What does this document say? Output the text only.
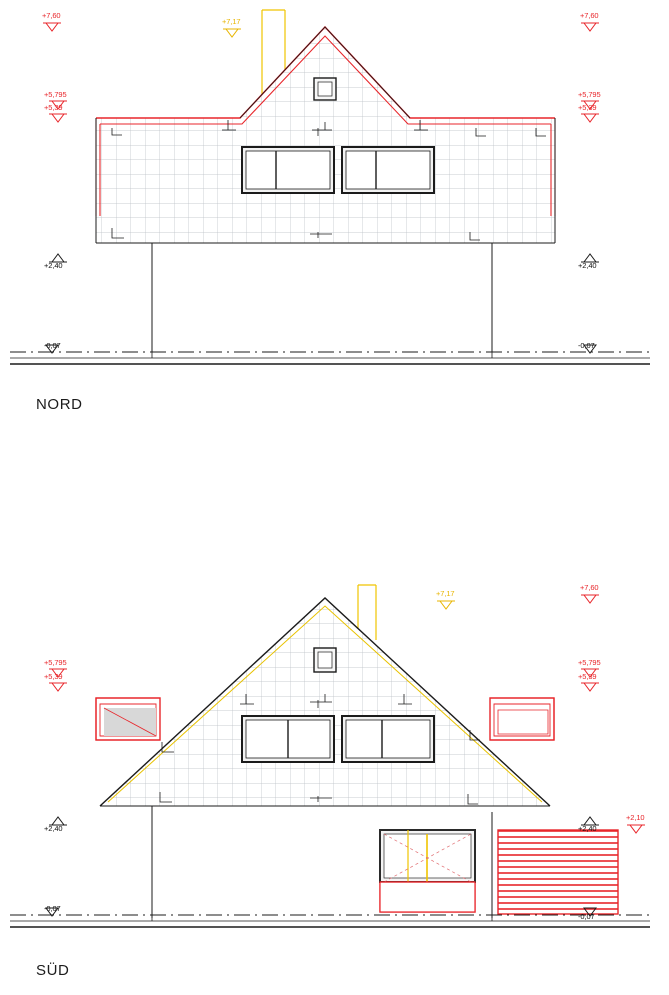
+7,60	+7,60
+7,17
+5,795
+5,39
+5,795
+5,39
+2,40	+2,40
-0,07	-0,07
NORD
+7,60
+7,17
+5,795
+5,39
+5,795
+5,39
+2,40	+2,40
+2,10
-0,07
-0,07
SÜD
